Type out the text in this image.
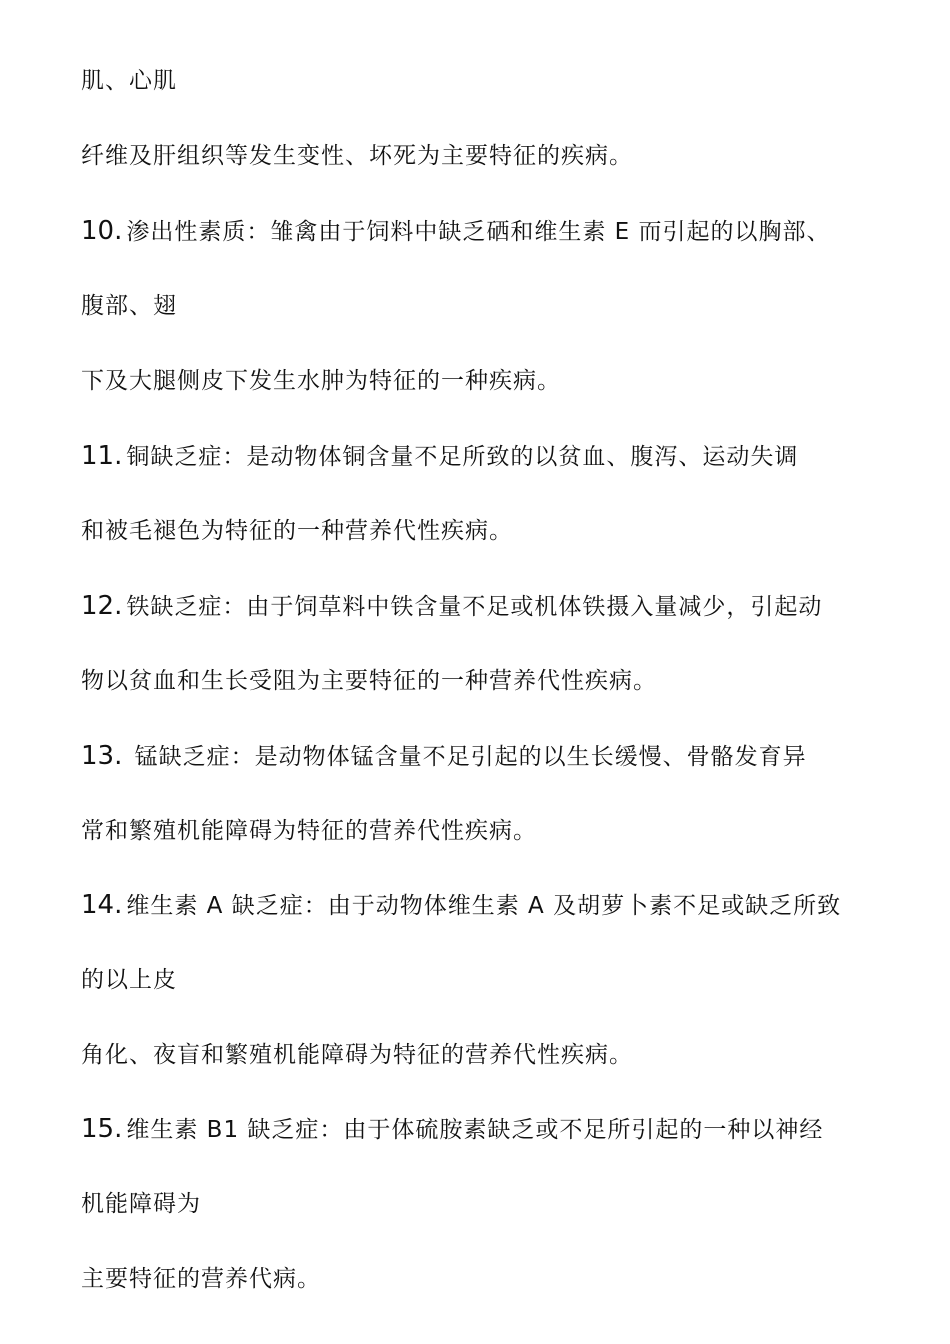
肌、心肌
纤维及肝组织等发生变性、坏死为主要特征的疾病。
10. 渗出性素质：雏禽由于饲料中缺乏硒和维生素 E 而引起的以胸部、
腹部、翅
下及大腿侧皮下发生水肿为特征的一种疾病。
11. 铜缺乏症：是动物体铜含量不足所致的以贫血、腹泻、运动失调
和被毛褪色为特征的一种营养代性疾病。
12. 铁缺乏症：由于饲草料中铁含量不足或机体铁摄入量减少，引起动
物以贫血和生长受阻为主要特征的一种营养代性疾病。
13. 锰缺乏症：是动物体锰含量不足引起的以生长缓慢、骨骼发育异
常和繁殖机能障碍为特征的营养代性疾病。
14. 维生素 A 缺乏症：由于动物体维生素 A 及胡萝卜素不足或缺乏所致
的以上皮
角化、夜盲和繁殖机能障碍为特征的营养代性疾病。
15. 维生素 B1 缺乏症：由于体硫胺素缺乏或不足所引起的一种以神经
机能障碍为
主要特征的营养代病。
